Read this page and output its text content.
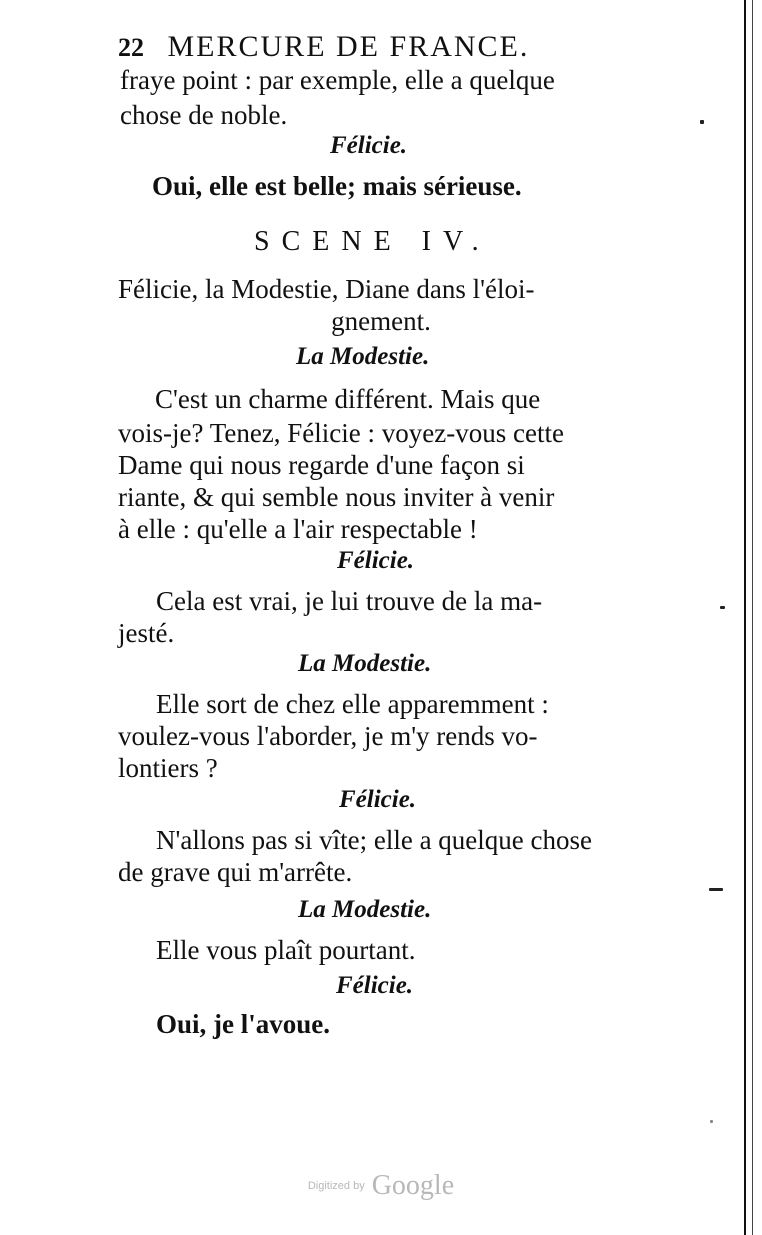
22 MERCURE DE FRANCE.
fraye point : par exemple, elle a quelque
chose de noble.
Félicie.
Oui, elle est belle; mais sérieuse.
SCENE IV.
Félicie, la Modestie, Diane dans l'éloi-
gnement.
La Modestie.
C'est un charme différent. Mais que
vois-je? Tenez, Félicie : voyez-vous cette
Dame qui nous regarde d'une façon si
riante, & qui semble nous inviter à venir
à elle : qu'elle a l'air respectable !
Félicie.
Cela est vrai, je lui trouve de la ma-
jesté.
La Modestie.
Elle sort de chez elle apparemment :
voulez-vous l'aborder, je m'y rends vo-
lontiers ?
Félicie.
N'allons pas si vîte; elle a quelque chose
de grave qui m'arrête.
La Modestie.
Elle vous plaît pourtant.
Félicie.
Oui, je l'avoue.
Digitized by Google
